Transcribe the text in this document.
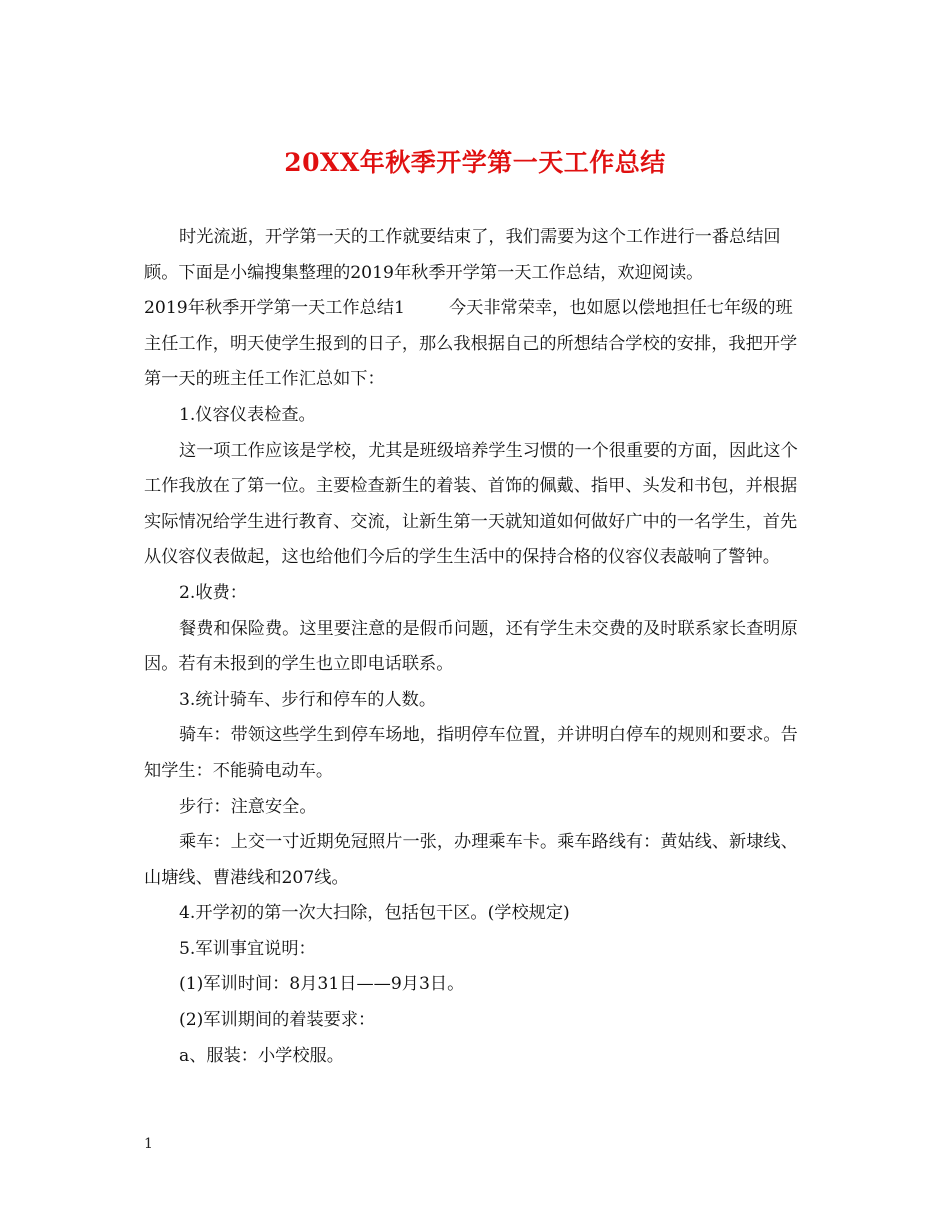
20XX年秋季开学第一天工作总结

时光流逝，开学第一天的工作就要结束了，我们需要为这个工作进行一番总结回顾。下面是小编搜集整理的2019年秋季开学第一天工作总结，欢迎阅读。

2019年秋季开学第一天工作总结1	今天非常荣幸，也如愿以偿地担任七年级的班主任工作，明天使学生报到的日子，那么我根据自己的所想结合学校的安排，我把开学第一天的班主任工作汇总如下：

1.仪容仪表检查。

这一项工作应该是学校，尤其是班级培养学生习惯的一个很重要的方面，因此这个工作我放在了第一位。主要检查新生的着装、首饰的佩戴、指甲、头发和书包，并根据实际情况给学生进行教育、交流，让新生第一天就知道如何做好广中的一名学生，首先从仪容仪表做起，这也给他们今后的学生生活中的保持合格的仪容仪表敲响了警钟。

2.收费：

餐费和保险费。这里要注意的是假币问题，还有学生未交费的及时联系家长查明原因。若有未报到的学生也立即电话联系。

3.统计骑车、步行和停车的人数。

骑车：带领这些学生到停车场地，指明停车位置，并讲明白停车的规则和要求。告知学生：不能骑电动车。

步行：注意安全。

乘车：上交一寸近期免冠照片一张，办理乘车卡。乘车路线有：黄姑线、新埭线、山塘线、曹港线和207线。

4.开学初的第一次大扫除，包括包干区。(学校规定)

5.军训事宜说明：

(1)军训时间：8月31日——9月3日。

(2)军训期间的着装要求：

a、服装：小学校服。

1
